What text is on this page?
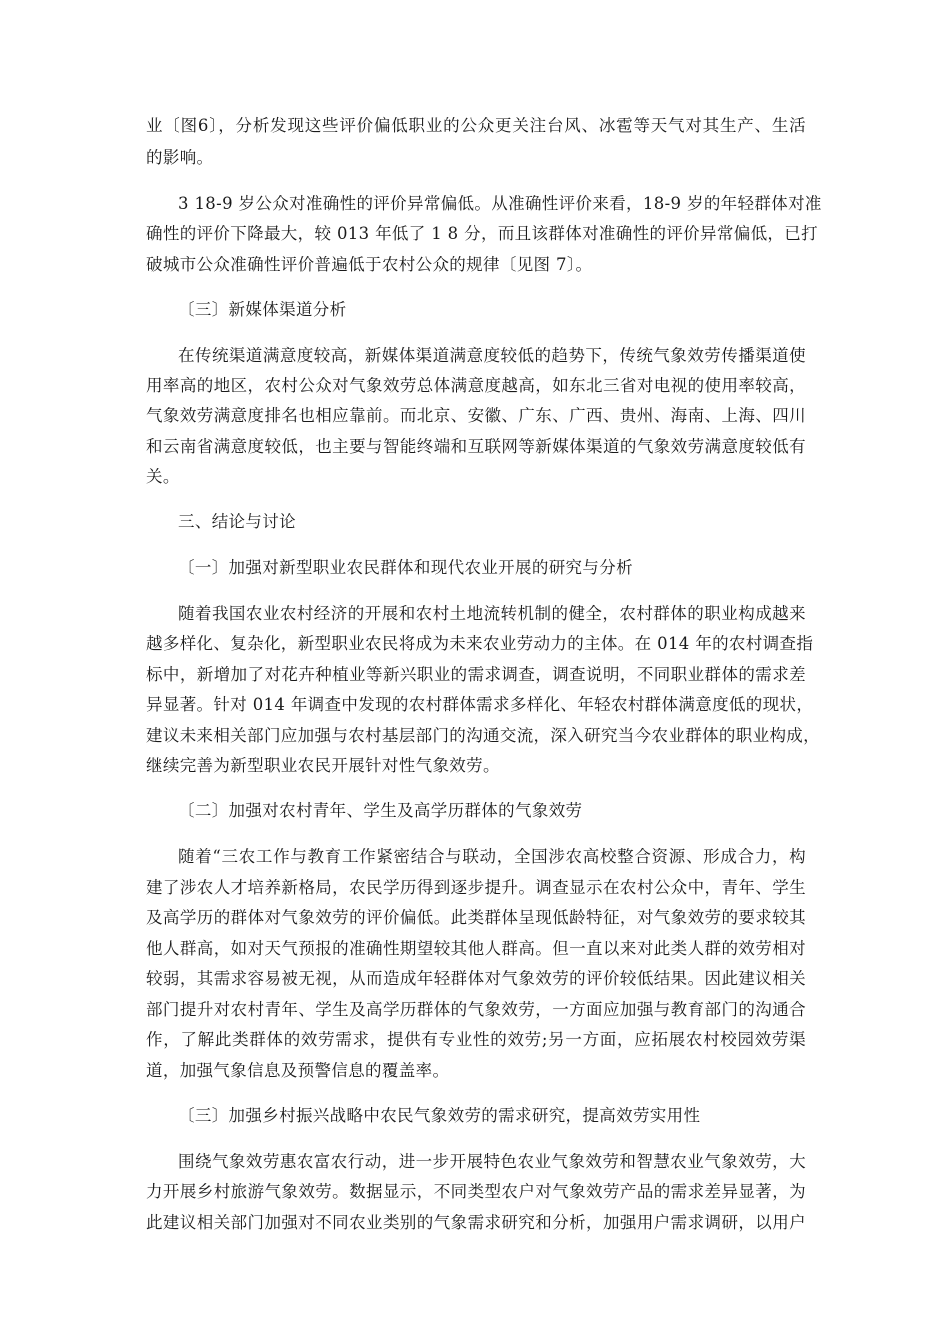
业〔图6〕，分析发现这些评价偏低职业的公众更关注台风、冰雹等天气对其生产、生活
的影响。
3 18-9 岁公众对准确性的评价异常偏低。从准确性评价来看，18-9 岁的年轻群体对准
确性的评价下降最大，较 013 年低了 1 8 分，而且该群体对准确性的评价异常偏低，已打
破城市公众准确性评价普遍低于农村公众的规律〔见图 7〕。
〔三〕新媒体渠道分析
在传统渠道满意度较高，新媒体渠道满意度较低的趋势下，传统气象效劳传播渠道使
用率高的地区，农村公众对气象效劳总体满意度越高，如东北三省对电视的使用率较高，
气象效劳满意度排名也相应靠前。而北京、安徽、广东、广西、贵州、海南、上海、四川
和云南省满意度较低，也主要与智能终端和互联网等新媒体渠道的气象效劳满意度较低有
关。
三、结论与讨论
〔一〕加强对新型职业农民群体和现代农业开展的研究与分析
随着我国农业农村经济的开展和农村土地流转机制的健全，农村群体的职业构成越来
越多样化、复杂化，新型职业农民将成为未来农业劳动力的主体。在 014 年的农村调查指
标中，新增加了对花卉种植业等新兴职业的需求调查，调查说明，不同职业群体的需求差
异显著。针对 014 年调查中发现的农村群体需求多样化、年轻农村群体满意度低的现状，
建议未来相关部门应加强与农村基层部门的沟通交流，深入研究当今农业群体的职业构成，
继续完善为新型职业农民开展针对性气象效劳。
〔二〕加强对农村青年、学生及高学历群体的气象效劳
随着“三农工作与教育工作紧密结合与联动，全国涉农高校整合资源、形成合力，构
建了涉农人才培养新格局，农民学历得到逐步提升。调查显示在农村公众中，青年、学生
及高学历的群体对气象效劳的评价偏低。此类群体呈现低龄特征，对气象效劳的要求较其
他人群高，如对天气预报的准确性期望较其他人群高。但一直以来对此类人群的效劳相对
较弱，其需求容易被无视，从而造成年轻群体对气象效劳的评价较低结果。因此建议相关
部门提升对农村青年、学生及高学历群体的气象效劳，一方面应加强与教育部门的沟通合
作，了解此类群体的效劳需求，提供有专业性的效劳;另一方面，应拓展农村校园效劳渠
道，加强气象信息及预警信息的覆盖率。
〔三〕加强乡村振兴战略中农民气象效劳的需求研究，提高效劳实用性
围绕气象效劳惠农富农行动，进一步开展特色农业气象效劳和智慧农业气象效劳，大
力开展乡村旅游气象效劳。数据显示，不同类型农户对气象效劳产品的需求差异显著，为
此建议相关部门加强对不同农业类别的气象需求研究和分析，加强用户需求调研，以用户
